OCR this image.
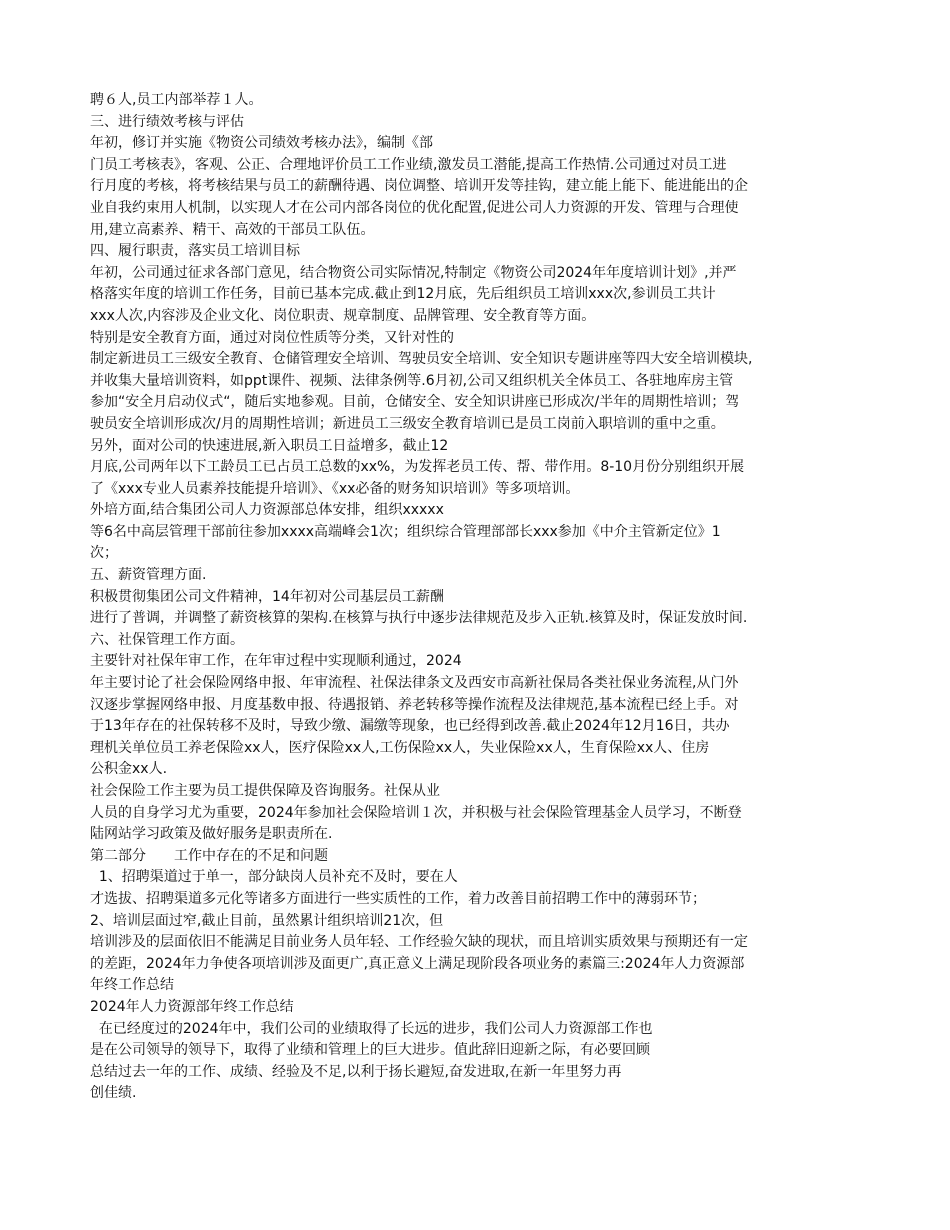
聘６人,员工内部举荐１人。
三、进行绩效考核与评估
年初，修订并实施《物资公司绩效考核办法》，编制《部
门员工考核表》，客观、公正、合理地评价员工工作业绩,激发员工潜能,提高工作热情.公司通过对员工进
行月度的考核，将考核结果与员工的薪酬待遇、岗位调整、培训开发等挂钩，建立能上能下、能进能出的企
业自我约束用人机制，以实现人才在公司内部各岗位的优化配置,促进公司人力资源的开发、管理与合理使
用,建立高素养、精干、高效的干部员工队伍。
四、履行职责，落实员工培训目标
年初，公司通过征求各部门意见，结合物资公司实际情况,特制定《物资公司2024年年度培训计划》,并严
格落实年度的培训工作任务，目前已基本完成.截止到12月底，先后组织员工培训xxx次,参训员工共计
xxx人次,内容涉及企业文化、岗位职责、规章制度、品牌管理、安全教育等方面。
特别是安全教育方面，通过对岗位性质等分类，又针对性的
制定新进员工三级安全教育、仓储管理安全培训、驾驶员安全培训、安全知识专题讲座等四大安全培训模块,
并收集大量培训资料，如ppt课件、视频、法律条例等.6月初,公司又组织机关全体员工、各驻地库房主管
参加“安全月启动仪式“，随后实地参观。目前，仓储安全、安全知识讲座已形成次/半年的周期性培训；驾
驶员安全培训形成次/月的周期性培训；新进员工三级安全教育培训已是员工岗前入职培训的重中之重。
另外，面对公司的快速进展,新入职员工日益增多，截止12
月底,公司两年以下工龄员工已占员工总数的xx%，为发挥老员工传、帮、带作用。8-10月份分别组织开展
了《xxx专业人员素养技能提升培训》、《xx必备的财务知识培训》等多项培训。
外培方面,结合集团公司人力资源部总体安排，组织xxxxx
等6名中高层管理干部前往参加xxxx高端峰会1次；组织综合管理部部长xxx参加《中介主管新定位》1
次；
五、薪资管理方面.
积极贯彻集团公司文件精神，14年初对公司基层员工薪酬
进行了普调，并调整了薪资核算的架构.在核算与执行中逐步法律规范及步入正轨.核算及时，保证发放时间.
六、社保管理工作方面。
主要针对社保年审工作，在年审过程中实现顺利通过，2024
年主要讨论了社会保险网络申报、年审流程、社保法律条文及西安市高新社保局各类社保业务流程,从门外
汉逐步掌握网络申报、月度基数申报、待遇报销、养老转移等操作流程及法律规范,基本流程已经上手。对
于13年存在的社保转移不及时，导致少缴、漏缴等现象，也已经得到改善.截止2024年12月16日，共办
理机关单位员工养老保险xx人，医疗保险xx人,工伤保险xx人，失业保险xx人，生育保险xx人、住房
公积金xx人.
社会保险工作主要为员工提供保障及咨询服务。社保从业
人员的自身学习尤为重要，2024年参加社会保险培训１次，并积极与社会保险管理基金人员学习，不断登
陆网站学习政策及做好服务是职责所在.
第二部分　　工作中存在的不足和问题
1、招聘渠道过于单一，部分缺岗人员补充不及时，要在人
才选拔、招聘渠道多元化等诸多方面进行一些实质性的工作，着力改善目前招聘工作中的薄弱环节；
2、培训层面过窄,截止目前，虽然累计组织培训21次，但
培训涉及的层面依旧不能满足目前业务人员年轻、工作经验欠缺的现状，而且培训实质效果与预期还有一定
的差距，2024年力争使各项培训涉及面更广,真正意义上满足现阶段各项业务的素篇三:2024年人力资源部
年终工作总结
2024年人力资源部年终工作总结
在已经度过的2024年中，我们公司的业绩取得了长远的进步，我们公司人力资源部工作也
是在公司领导的领导下，取得了业绩和管理上的巨大进步。值此辞旧迎新之际，有必要回顾
总结过去一年的工作、成绩、经验及不足,以利于扬长避短,奋发进取,在新一年里努力再
创佳绩.
